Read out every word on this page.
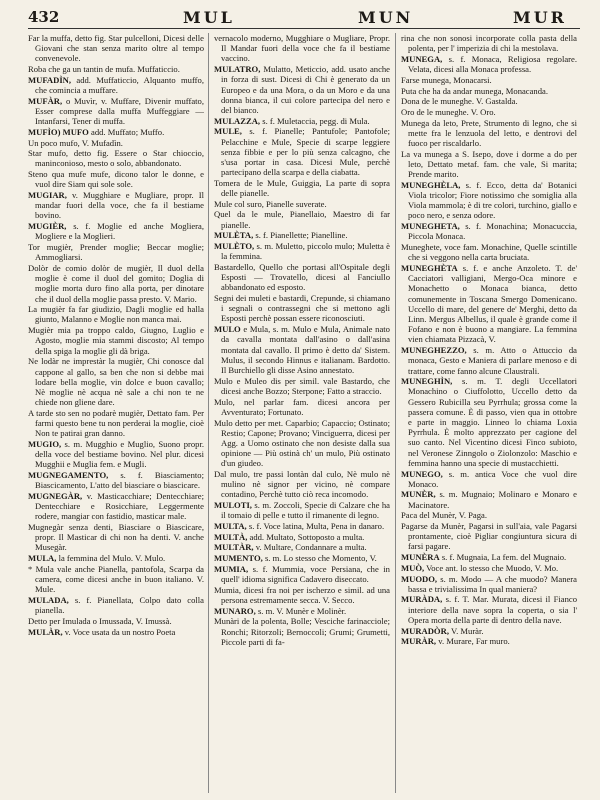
432	MUL	MUN	MUR

Far la muffa, detto fig. Star pulcelloni, Dicesi delle Giovani che stan senza marito oltre al tempo convenevole.

Roba che ga un tantin de mufa. Muffaticcio.

MUFADÌN, add. Muffaticcio, Alquanto muffo, che comincia a muffare.

MUFÀR, o Muvìr, v. Muffare, Divenir muffato, Esser comprese dalla muffa Muffeggiare — Intanfarsi, Tener di muffa.

MUFÌO) MUFO add. Muffato; Muffo.

Un poco mufo, V. Mufadìn.

Star mufo, detto fig. Essere o Star chioccio, maninconioso, mesto o solo, abbandonato.

Steno qua mufe mufe, dicono talor le donne, e vuol dire Siam qui sole sole.

MUGIAR, v. Mugghiare e Mugliare, propr. Il mandar fuori della voce, che fa il bestiame bovino.

MUGIÈR, s. f. Moglie ed anche Mogliera, Mogliere e la Moglieri.

Tor mugièr, Prender moglie; Beccar moglie; Ammogliarsi.

Dolòr de comio dolòr de mugièr, Il duol della moglie è come il duol del gomito; Doglia di moglie morta duro fino alla porta, per dinotare che il duol della moglie passa presto. V. Mario.

La mugièr fa far giudizio, Dagli moglie ed halla giunto, Malanno e Moglie non manca mai.

Mugièr mia pa troppo caldo, Giugno, Luglio e Agosto, moglie mia stammi discosto; Al tempo della spiga la moglie gli dà briga.

Ne lodàr ne imprestàr la mugièr, Chi conosce dal cappone al gallo, sa ben che non si debbe mai lodare bella moglie, vin dolce e buon cavallo; Nè moglie nè acqua nè sale a chi non te ne chiede non gliene dare.

A tarde sto sen no podarè mugièr, Dettato fam. Per farmi questo bene tu non perderai la moglie, cioè Non te patirai gran danno.

MUGIO, s. m. Mugghio e Muglio, Suono propr. della voce del bestiame bovino. Nel plur. dicesi Mugghii e Muglia fem. e Mugli.

MUGNEGAMENTO, s. f. Biasciamento; Biascicamento, L'atto del biasciare o biascicare.

MUGNEGÀR, v. Masticacchiare; Dentecchiare; Dentecchiare e Rosicchiare, Leggermente rodere, mangiar con fastidio, masticar male.

Mugnegàr senza denti, Biasciare o Biascicare, propr. Il Masticar di chi non ha denti. V. anche Musegàr.

MULA, la femmina del Mulo. V. Mulo.

* Mula vale anche Pianella, pantofola, Scarpa da camera, come dicesi anche in buon italiano. V. Mule.

MULADA, s. f. Pianellata, Colpo dato colla pianella.

Detto per Imulada o Imussada, V. Imussà.

MULÀR, v. Voce usata da un nostro Poeta

vernacolo moderno, Mugghiare o Mugliare, Propr. Il Mandar fuori della voce che fa il bestiame vaccino.

MULATRO, Mulatto, Meticcio, add. usato anche in forza di sust. Dicesi di Chi è generato da un Europeo e da una Mora, o da un Moro e da una donna bianca, il cui colore partecipa del nero e del bianco.

MULAZZA, s. f. Muletaccia, pegg. di Mula.

MULE, s. f. Pianelle; Pantufole; Pantofole; Pelacchine e Mule, Specie di scarpe leggiere senza fibbie e per lo più senza calcagno, che s'usa portar in casa. Dicesi Mule, perchè partecipano della scarpa e della ciabatta.

Tomera de le Mule, Guiggia, La parte di sopra delle pianelle.

Mule col suro, Pianelle suverate.

Quel da le mule, Pianellaio, Maestro di far pianelle.

MULÈTA, s. f. Pianellette; Pianelline.

MULÈTO, s. m. Muletto, piccolo mulo; Muletta è la femmina.

Bastardello, Quello che portasi all'Ospitale degli Esposti — Trovatello, dicesi al Fanciullo abbandonato ed esposto.

Segni dei muleti e bastardi, Crepunde, si chiamano i segnali o contrassegni che si mettono agli Esposti perchè possan essere riconosciuti.

MULO e Mula, s. m. Mulo e Mula, Animale nato da cavalla montata dall'asino o dall'asina montata dal cavallo. Il primo è detto da' Sistem. Mulus, il secondo Hinnus e italianam. Bardotto. Il Burchiello gli disse Asino annestato.

Mulo e Muleo dis per simil. vale Bastardo, che dicesi anche Bozzo; Sterpone; Fatto a straccio.

Mulo, nel parlar fam. dicesi ancora per Avventurato; Fortunato.

Mulo detto per met. Caparbio; Capaccio; Ostinato; Restio; Capone; Provano; Vinciguerra, dicesi per Agg. a Uomo ostinato che non desiste dalla sua opinione — Più ostinà ch' un mulo, Più ostinato d'un giudeo.

Dal mulo, tre passi lontàn dal culo, Nè mulo nè mulino nè signor per vicino, nè compare contadino, Perchè tutto ciò reca incomodo.

MULOTI, s. m. Zoccoli, Specie di Calzare che ha il tomaio di pelle e tutto il rimanente di legno.

MULTA, s. f. Voce latina, Multa, Pena in danaro.

MULTÀ, add. Multato, Sottoposto a multa.

MULTÀR, v. Multare, Condannare a multa.

MUMENTO, s. m. Lo stesso che Momento, V.

MUMIA, s. f. Mummia, voce Persiana, che in quell' idioma significa Cadavero diseccato.

Mumia, dicesi fra noi per ischerzo e simil. ad una persona estremamente secca. V. Secco.

MUNARO, s. m. V. Munèr e Molinèr.

Munàri de la polenta, Bolle; Vesciche farinacciole; Ronchi; Ritorzoli; Bernoccoli; Grumi; Grumetti, Piccole parti di fa-

rina che non sonosi incorporate colla pasta della polenta, per l' imperizia di chi la mestolava.

MUNEGA, s. f. Monaca, Religiosa regolare. Velata, dicesi alla Monaca professa.

Farse munega, Monacarsi.

Puta che ha da andar munega, Monacanda.

Dona de le muneghe. V. Gastalda.

Oro de le muneghe. V. Oro.

Munega da leto, Prete, Strumento di legno, che si mette fra le lenzuola del letto, e dentrovi del fuoco per riscaldarlo.

La va munega a S. Isepo, dove i dorme a do per leto, Dettato metaf. fam. che vale, Si marita; Prende marito.

MUNEGHÈLA, s. f. Ecco, detta da' Botanici Viola tricolor; Fiore notissimo che somiglia alla Viola mammola; è di tre colori, turchino, giallo e poco nero, e senza odore.

MUNEGHETA, s. f. Monachina; Monacuccia, Piccola Monaca.

Muneghete, voce fam. Monachine, Quelle scintille che si veggono nella carta bruciata.

MUNEGHÈTA s. f. e anche Anzoleto. T. de' Cacciatori valligiani, Mergo-Oca minore e Monachetto o Monaca bianca, detto comunemente in Toscana Smergo Domenicano. Uccello di mare, del genere de' Merghi, detto da Linn. Mergus Albellus, il quale è grande come il Fofano e non è buono a mangiare. La femmina vien chiamata Pizzacà, V.

MUNEGHEZZO, s. m. Atto o Attuccio da monaca, Gesto e Maniera di parlare menoso e di trattare, come fanno alcune Claustrali.

MUNEGHÌN, s. m. T. degli Uccellatori Monachino o Ciuffolotto, Uccello detto da Gessero Rubicilla seu Pyrrhula; grossa come la passera comune. È di passo, vien qua in ottobre e parte in maggio. Linneo lo chiama Loxia Pyrrhula. È molto apprezzato per cagione del suo canto. Nel Vicentino dicesi Finco subioto, nel Veronese Zinngolo o Ziolonzolo: Maschio e femmina hanno una specie di mustacchietti.

MUNEGO, s. m. antica Voce che vuol dire Monaco.

MUNÈR, s. m. Mugnaio; Molinaro e Monaro e Macinatore.

Paca del Munèr, V. Paga.

Pagarse da Munèr, Pagarsi in sull'aia, vale Pagarsi prontamente, cioè Pigliar congiuntura sicura di farsi pagare.

MUNÈRA s. f. Mugnaia, La fem. del Mugnaio.

MUÒ, Voce ant. lo stesso che Muodo, V. Mo.

MUODO, s. m. Modo — A che muodo? Manera bassa e trivialissima In qual maniera?

MURÀDA, s. f. T. Mar. Murata, dicesi il Fianco interiore della nave sopra la coperta, o sia l' Opera morta della parte di dentro della nave.

MURADÒR, V. Muràr.

MURÀR, v. Murare, Far muro.
